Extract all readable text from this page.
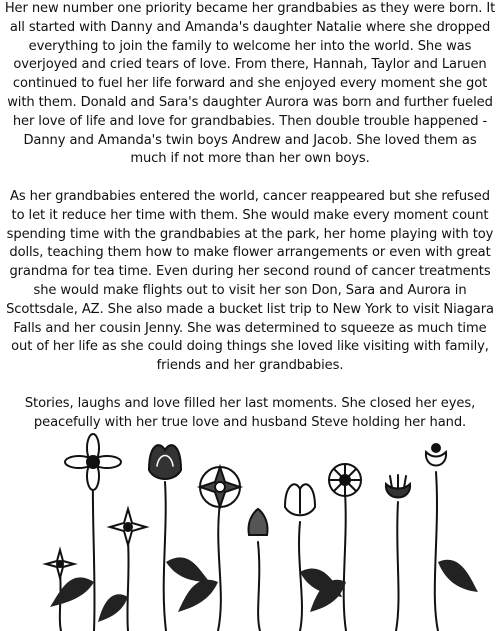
Her new number one priority became her grandbabies as they were born. It all started with Danny and Amanda's daughter Natalie where she dropped everything to join the family to welcome her into the world. She was overjoyed and cried tears of love. From there, Hannah, Taylor and Laruen continued to fuel her life forward and she enjoyed every moment she got with them. Donald and Sara's daughter Aurora was born and further fueled her love of life and love for grandbabies. Then double trouble happened - Danny and Amanda's twin boys Andrew and Jacob. She loved them as much if not more than her own boys.

As her grandbabies entered the world, cancer reappeared but she refused to let it reduce her time with them. She would make every moment count spending time with the grandbabies at the park, her home playing with toy dolls, teaching them how to make flower arrangements or even with great grandma for tea time. Even during her second round of cancer treatments she would make flights out to visit her son Don, Sara and Aurora in Scottsdale, AZ. She also made a bucket list trip to New York to visit Niagara Falls and her cousin Jenny. She was determined to squeeze as much time out of her life as she could doing things she loved like visiting with family, friends and her grandbabies.

Stories, laughs and love filled her last moments. She closed her eyes, peacefully with her true love and husband Steve holding her hand.
